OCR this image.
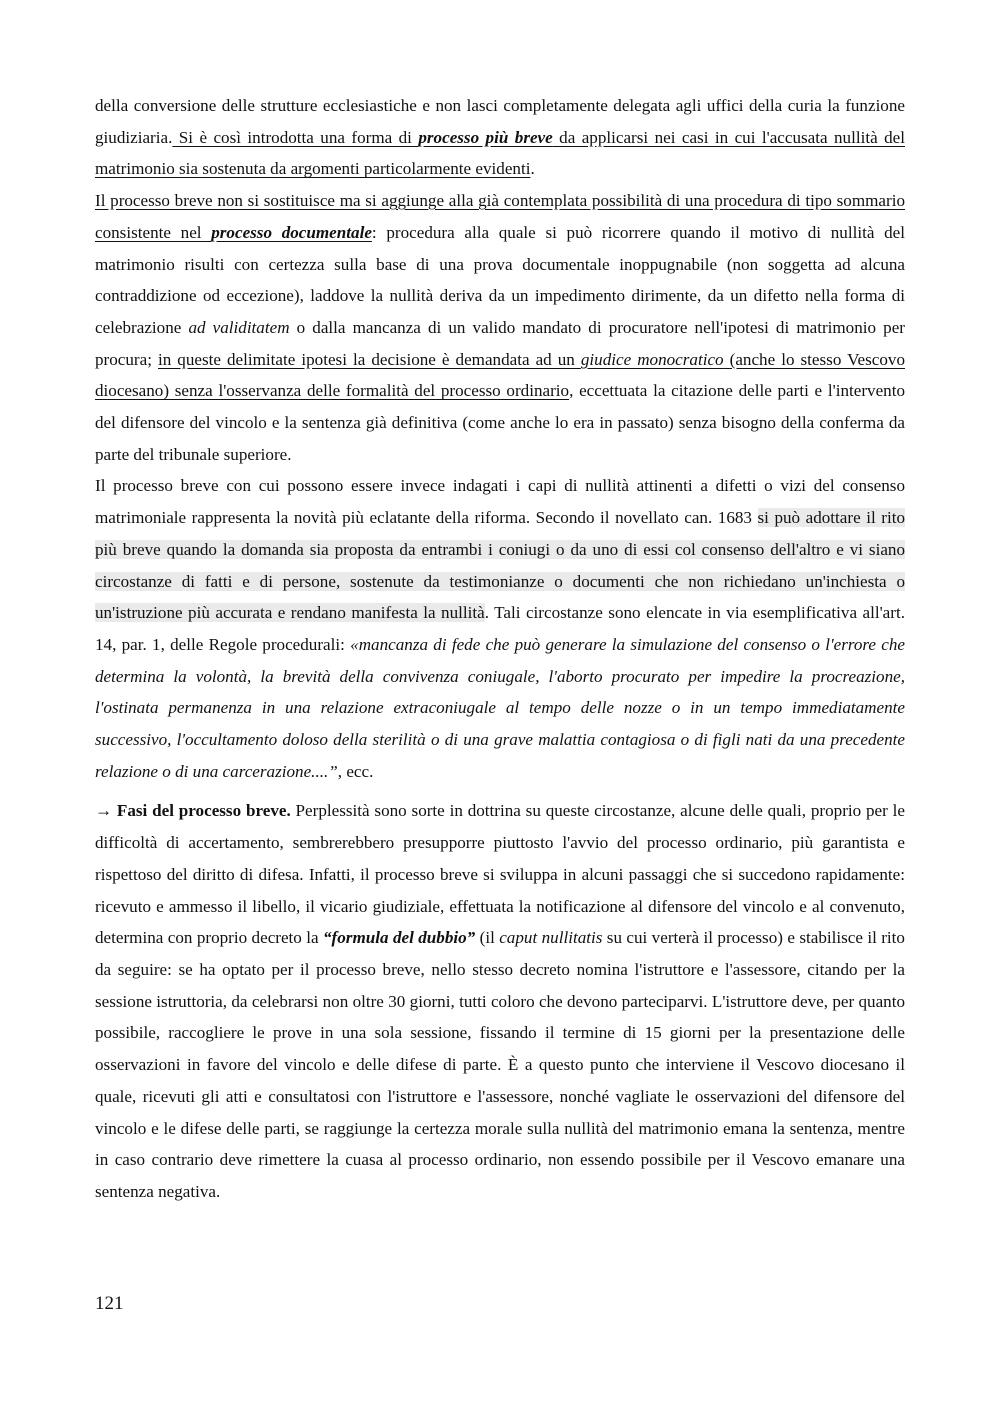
della conversione delle strutture ecclesiastiche e non lasci completamente delegata agli uffici della curia la funzione giudiziaria. Si è così introdotta una forma di processo più breve da applicarsi nei casi in cui l'accusata nullità del matrimonio sia sostenuta da argomenti particolarmente evidenti.

Il processo breve non si sostituisce ma si aggiunge alla già contemplata possibilità di una procedura di tipo sommario consistente nel processo documentale: procedura alla quale si può ricorrere quando il motivo di nullità del matrimonio risulti con certezza sulla base di una prova documentale inoppugnabile (non soggetta ad alcuna contraddizione od eccezione), laddove la nullità deriva da un impedimento dirimente, da un difetto nella forma di celebrazione ad validitatem o dalla mancanza di un valido mandato di procuratore nell'ipotesi di matrimonio per procura; in queste delimitate ipotesi la decisione è demandata ad un giudice monocratico (anche lo stesso Vescovo diocesano) senza l'osservanza delle formalità del processo ordinario, eccettuata la citazione delle parti e l'intervento del difensore del vincolo e la sentenza già definitiva (come anche lo era in passato) senza bisogno della conferma da parte del tribunale superiore.

Il processo breve con cui possono essere invece indagati i capi di nullità attinenti a difetti o vizi del consenso matrimoniale rappresenta la novità più eclatante della riforma. Secondo il novellato can. 1683 si può adottare il rito più breve quando la domanda sia proposta da entrambi i coniugi o da uno di essi col consenso dell'altro e vi siano circostanze di fatti e di persone, sostenute da testimonianze o documenti che non richiedano un'inchiesta o un'istruzione più accurata e rendano manifesta la nullità. Tali circostanze sono elencate in via esemplificativa all'art. 14, par. 1, delle Regole procedurali: «mancanza di fede che può generare la simulazione del consenso o l'errore che determina la volontà, la brevità della convivenza coniugale, l'aborto procurato per impedire la procreazione, l'ostinata permanenza in una relazione extraconiugale al tempo delle nozze o in un tempo immediatamente successivo, l'occultamento doloso della sterilità o di una grave malattia contagiosa o di figli nati da una precedente relazione o di una carcerazione....”, ecc.

→ Fasi del processo breve. Perplessità sono sorte in dottrina su queste circostanze, alcune delle quali, proprio per le difficoltà di accertamento, sembrerebbero presupporre piuttosto l'avvio del processo ordinario, più garantista e rispettoso del diritto di difesa. Infatti, il processo breve si sviluppa in alcuni passaggi che si succedono rapidamente: ricevuto e ammesso il libello, il vicario giudiziale, effettuata la notificazione al difensore del vincolo e al convenuto, determina con proprio decreto la “formula del dubbio” (il caput nullitatis su cui verterà il processo) e stabilisce il rito da seguire: se ha optato per il processo breve, nello stesso decreto nomina l'istruttore e l'assessore, citando per la sessione istruttoria, da celebrarsi non oltre 30 giorni, tutti coloro che devono parteciparvi. L'istruttore deve, per quanto possibile, raccogliere le prove in una sola sessione, fissando il termine di 15 giorni per la presentazione delle osservazioni in favore del vincolo e delle difese di parte. È a questo punto che interviene il Vescovo diocesano il quale, ricevuti gli atti e consultatosi con l'istruttore e l'assessore, nonché vagliate le osservazioni del difensore del vincolo e le difese delle parti, se raggiunge la certezza morale sulla nullità del matrimonio emana la sentenza, mentre in caso contrario deve rimettere la cuasa al processo ordinario, non essendo possibile per il Vescovo emanare una sentenza negativa.

121
